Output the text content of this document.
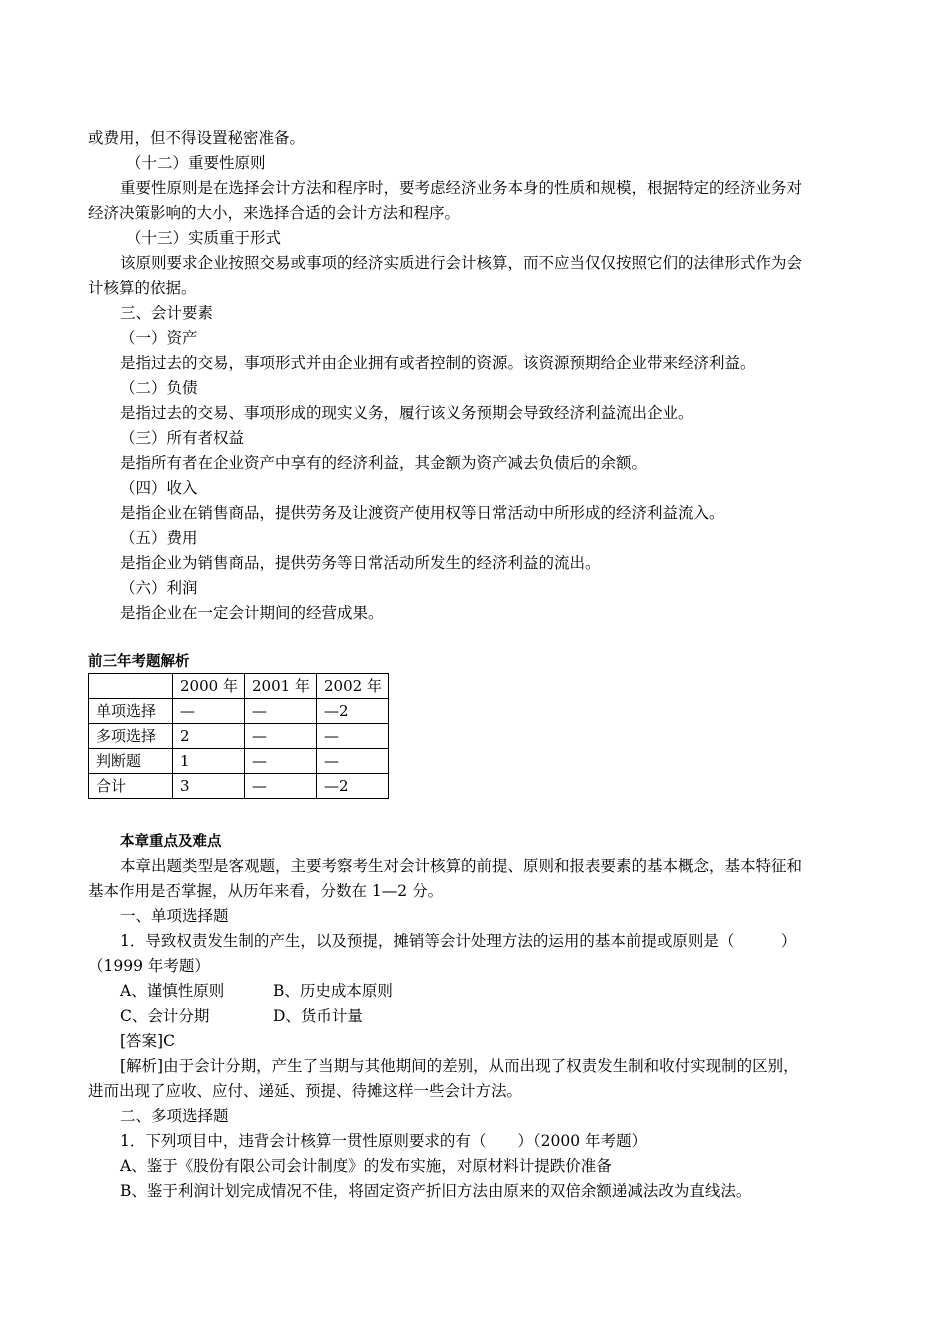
或费用，但不得设置秘密准备。
（十二）重要性原则
重要性原则是在选择会计方法和程序时，要考虑经济业务本身的性质和规模，根据特定的经济业务对
经济决策影响的大小，来选择合适的会计方法和程序。
（十三）实质重于形式
该原则要求企业按照交易或事项的经济实质进行会计核算，而不应当仅仅按照它们的法律形式作为会
计核算的依据。
三、会计要素
（一）资产
是指过去的交易，事项形式并由企业拥有或者控制的资源。该资源预期给企业带来经济利益。
（二）负债
是指过去的交易、事项形成的现实义务，履行该义务预期会导致经济利益流出企业。
（三）所有者权益
是指所有者在企业资产中享有的经济利益，其金额为资产减去负债后的余额。
（四）收入
是指企业在销售商品，提供劳务及让渡资产使用权等日常活动中所形成的经济利益流入。
（五）费用
是指企业为销售商品，提供劳务等日常活动所发生的经济利益的流出。
（六）利润
是指企业在一定会计期间的经营成果。
前三年考题解析
	2000 年	2001 年	2002 年
单项选择	—	—	—2
多项选择	2	—	—
判断题	1	—	—
合计	3	—	—2
本章重点及难点
本章出题类型是客观题，主要考察考生对会计核算的前提、原则和报表要素的基本概念，基本特征和
基本作用是否掌握，从历年来看，分数在 1—2 分。
一、单项选择题
1．导致权责发生制的产生，以及预提，摊销等会计处理方法的运用的基本前提或原则是（　　　）
（1999 年考题）
A、谨慎性原则	B、历史成本原则
C、会计分期	D、货币计量
[答案]C
[解析]由于会计分期，产生了当期与其他期间的差别，从而出现了权责发生制和收付实现制的区别，
进而出现了应收、应付、递延、预提、待摊这样一些会计方法。
二、多项选择题
1．下列项目中，违背会计核算一贯性原则要求的有（　　）（2000 年考题）
A、鉴于《股份有限公司会计制度》的发布实施，对原材料计提跌价准备
B、鉴于利润计划完成情况不佳，将固定资产折旧方法由原来的双倍余额递减法改为直线法。
